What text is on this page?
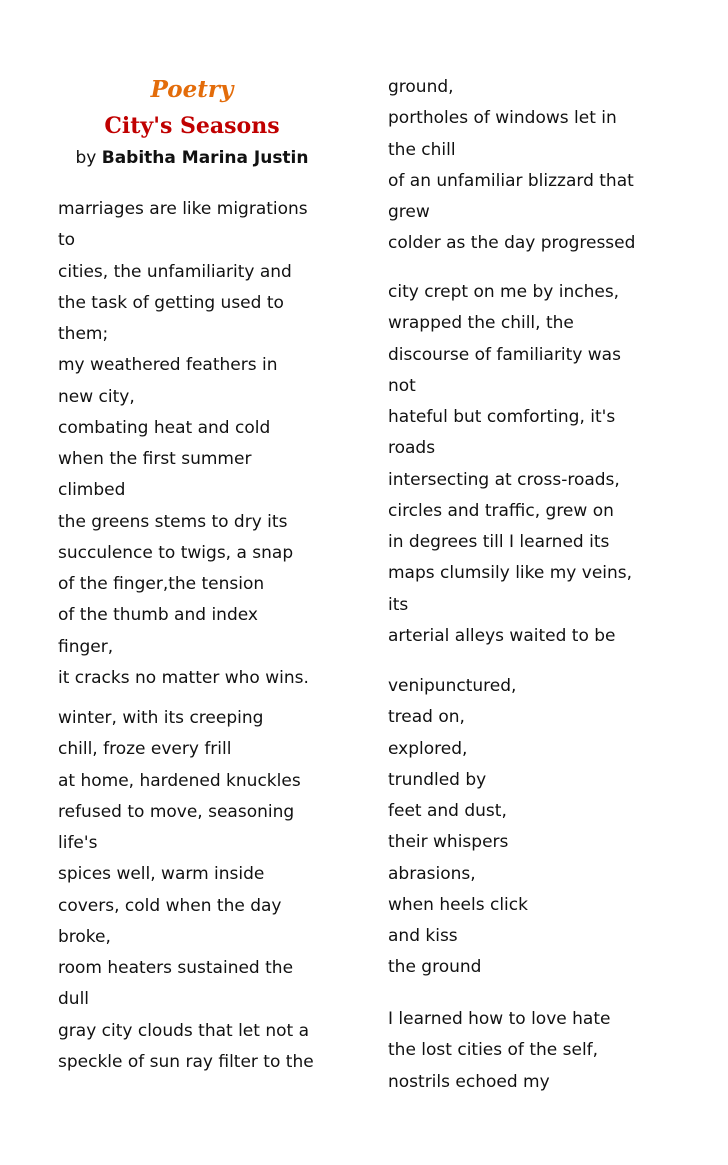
Poetry
City's Seasons
by Babitha Marina Justin
marriages are like migrations
to
cities, the unfamiliarity and
the task of getting used to
them;
my weathered feathers in
new city,
combating heat and cold
when the first summer
climbed
the greens stems to dry its
succulence to twigs, a snap
of the finger,the tension
of the thumb and index
finger,
it cracks no matter who wins.
winter, with its creeping
chill, froze every frill
at home, hardened knuckles
refused to move, seasoning
life's
spices well, warm inside
covers, cold when the day
broke,
room heaters sustained the
dull
gray city clouds that let not a
speckle of sun ray filter to the
ground,
portholes of windows let in
the chill
of an unfamiliar blizzard that
grew
colder as the day progressed
city crept on me by inches,
wrapped the chill, the
discourse of familiarity was
not
hateful but comforting, it's
roads
intersecting at cross-roads,
circles and traffic, grew on
in degrees till I learned its
maps clumsily like my veins,
its
arterial alleys waited to be
venipunctured,
tread on,
explored,
trundled by
feet and dust,
their whispers
abrasions,
when heels click
and kiss
the ground
I learned how to love hate
the lost cities of the self,
nostrils echoed my
